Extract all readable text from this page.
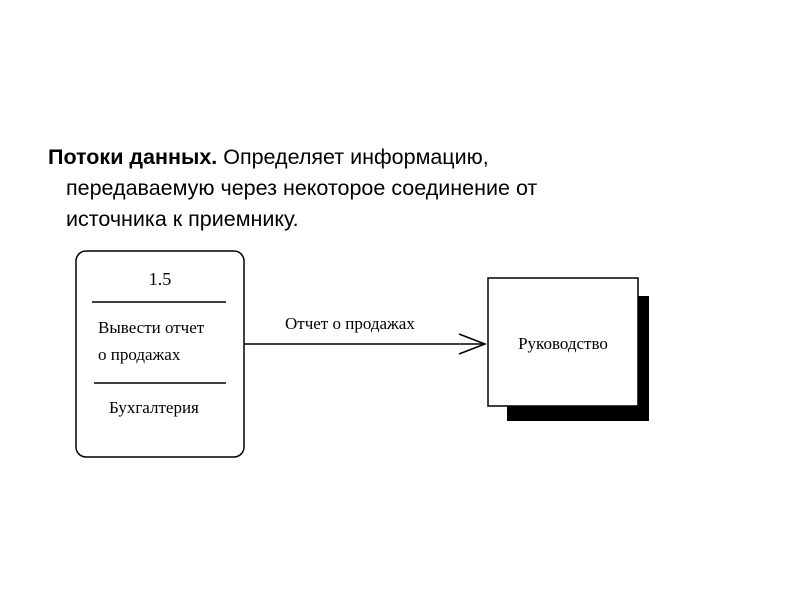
Потоки данных. Определяет информацию,
передаваемую через некоторое соединение от
источника к приемнику.
1.5
Вывести отчет
о продажах
Бухгалтерия
Отчет о продажах
Руководство
